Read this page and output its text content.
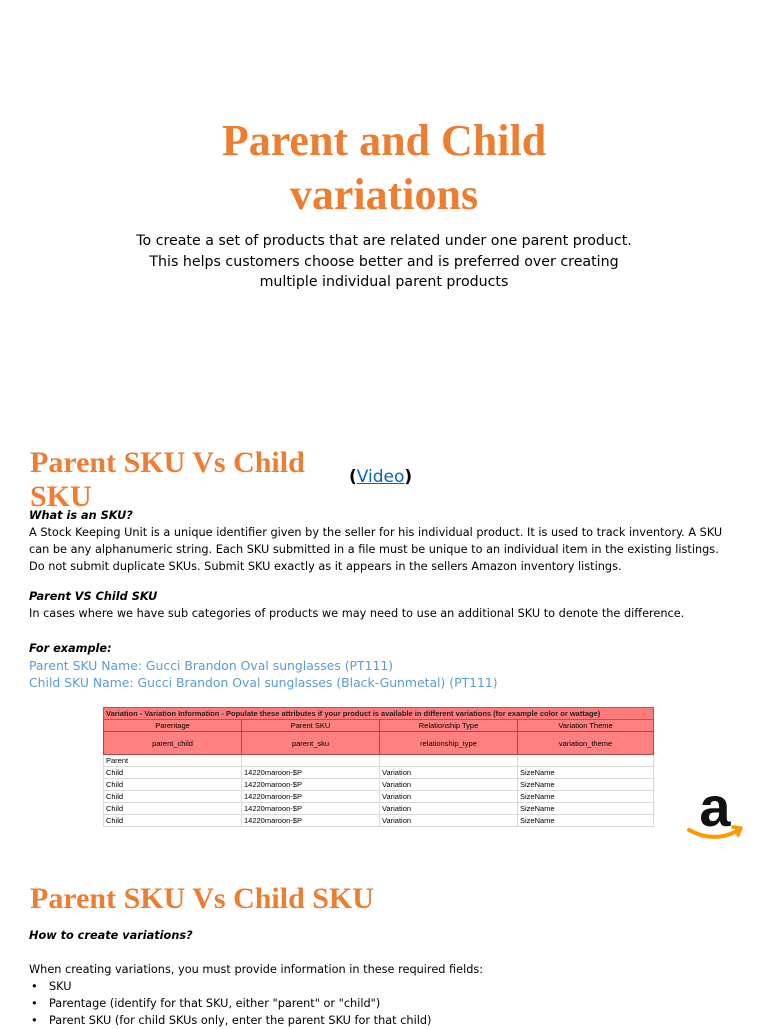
Parent and Child
variations

To create a set of products that are related under one parent product.
This helps customers choose better and is preferred over creating
multiple individual parent products

Parent SKU Vs Child
SKU
(Video)

What is an SKU?

A Stock Keeping Unit is a unique identifier given by the seller for his individual product. It is used to track inventory. A SKU
can be any alphanumeric string. Each SKU submitted in a file must be unique to an individual item in the existing listings.
Do not submit duplicate SKUs. Submit SKU exactly as it appears in the sellers Amazon inventory listings.

Parent VS Child SKU

In cases where we have sub categories of products we may need to use an additional SKU to denote the difference.

For example:

Parent SKU Name: Gucci Brandon Oval sunglasses (PT111)

Child SKU Name: Gucci Brandon Oval sunglasses (Black-Gunmetal) (PT111)

Variation - Variation Information - Populate these attributes if your product is available in different variations (for example color or wattage)			
Parentage	Parent SKU	Relationship Type	Variation Theme
parent_child	parent_sku	relationship_type	variation_theme
Parent			
Child	14220maroon-$P	Variation	SizeName
Child	14220maroon-$P	Variation	SizeName
Child	14220maroon-$P	Variation	SizeName
Child	14220maroon-$P	Variation	SizeName
Child	14220maroon-$P	Variation	SizeName	a
Parent SKU Vs Child SKU

How to create variations?

When creating variations, you must provide information in these required fields:

• SKU
• Parentage (identify for that SKU, either "parent" or "child")
• Parent SKU (for child SKUs only, enter the parent SKU for that child)
